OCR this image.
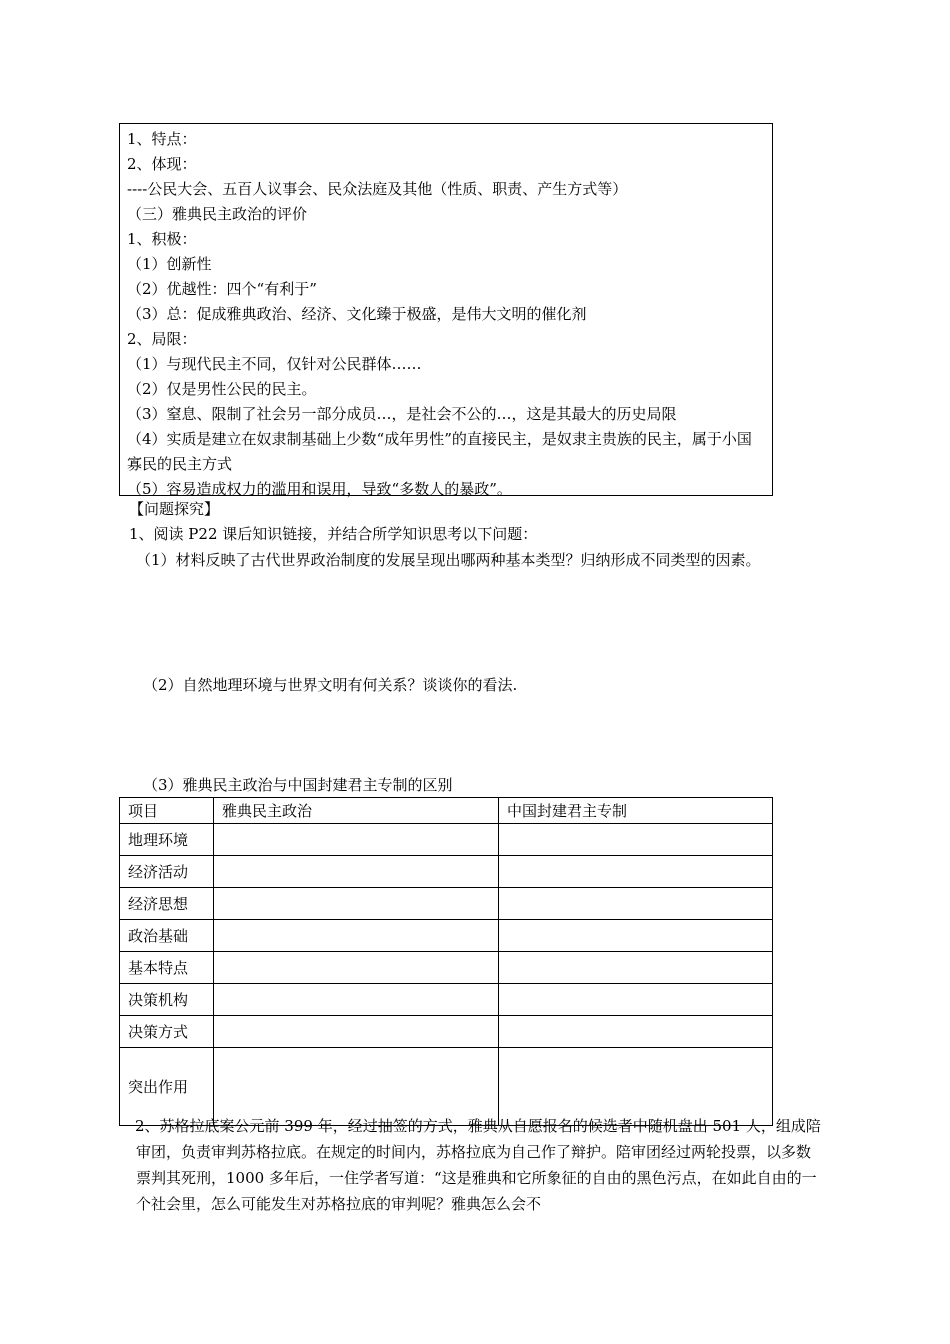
1、特点：
2、体现：
----公民大会、五百人议事会、民众法庭及其他（性质、职责、产生方式等）
（三）雅典民主政治的评价
1、积极：
（1）创新性
（2）优越性：四个“有利于”
（3）总：促成雅典政治、经济、文化臻于极盛，是伟大文明的催化剂
2、局限：
（1）与现代民主不同，仅针对公民群体……
（2）仅是男性公民的民主。
（3）窒息、限制了社会另一部分成员…，是社会不公的…，这是其最大的历史局限
（4）实质是建立在奴隶制基础上少数“成年男性”的直接民主，是奴隶主贵族的民主，属于小国寡民的民主方式
（5）容易造成权力的滥用和误用，导致“多数人的暴政”。
【问题探究】
1、阅读 P22 课后知识链接，并结合所学知识思考以下问题：
（1）材料反映了古代世界政治制度的发展呈现出哪两种基本类型？归纳形成不同类型的因素。
（2）自然地理环境与世界文明有何关系？谈谈你的看法.
（3）雅典民主政治与中国封建君主专制的区别
项目	雅典民主政治	中国封建君主专制
地理环境		
经济活动		
经济思想		
政治基础		
基本特点		
决策机构		
决策方式		
突出作用		
2、苏格拉底案公元前 399 年，经过抽签的方式，雅典从自愿报名的候选者中随机盘出 501 人，组成陪审团，负责审判苏格拉底。在规定的时间内，苏格拉底为自己作了辩护。陪审团经过两轮投票，以多数票判其死刑，1000 多年后，一住学者写道：“这是雅典和它所象征的自由的黑色污点，在如此自由的一个社会里，怎么可能发生对苏格拉底的审判呢？雅典怎么会不
